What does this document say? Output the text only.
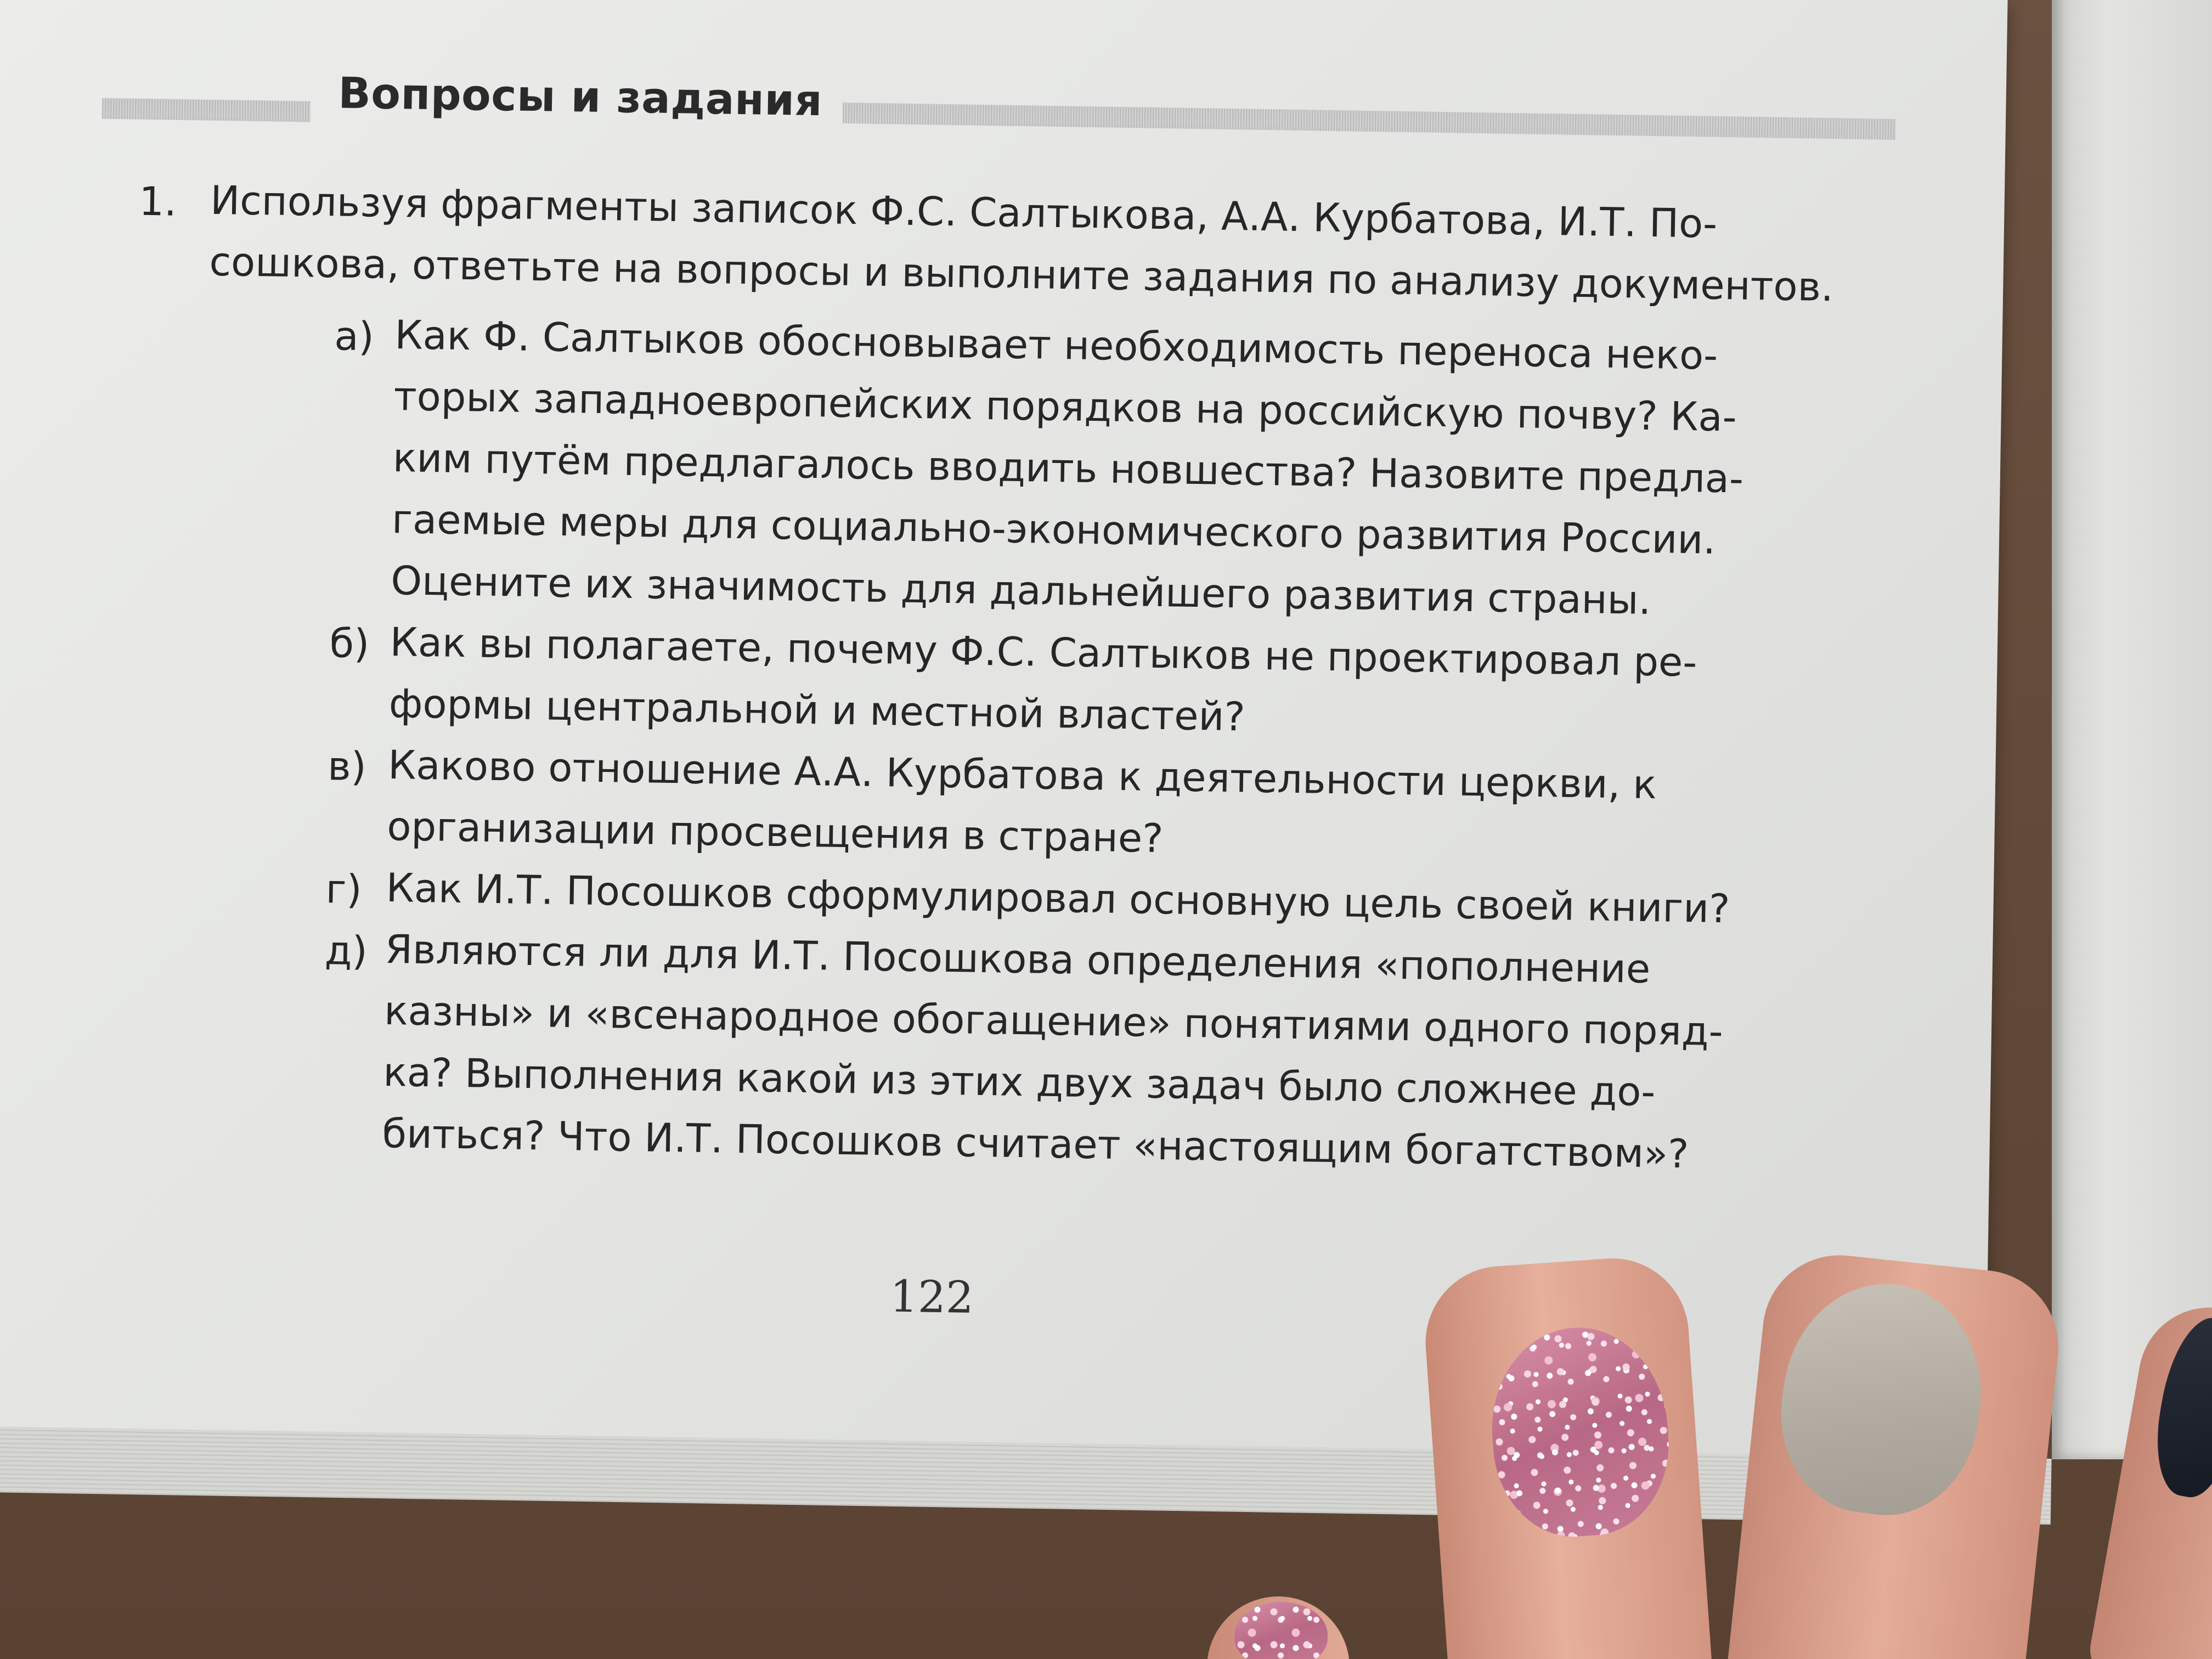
Вопросы и задания
1. Используя фрагменты записок Ф.С. Салтыкова, А.А. Курбатова, И.Т. По-
сошкова, ответьте на вопросы и выполните задания по анализу документов.
а) Как Ф. Салтыков обосновывает необходимость переноса неко-
торых западноевропейских порядков на российскую почву? Ка-
ким путём предлагалось вводить новшества? Назовите предла-
гаемые меры для социально-экономического развития России.
Оцените их значимость для дальнейшего развития страны.
б) Как вы полагаете, почему Ф.С. Салтыков не проектировал ре-
формы центральной и местной властей?
в) Каково отношение А.А. Курбатова к деятельности церкви, к
организации просвещения в стране?
г) Как И.Т. Посошков сформулировал основную цель своей книги?
д) Являются ли для И.Т. Посошкова определения «пополнение
казны» и «всенародное обогащение» понятиями одного поряд-
ка? Выполнения какой из этих двух задач было сложнее до-
биться? Что И.Т. Посошков считает «настоящим богатством»?
122
